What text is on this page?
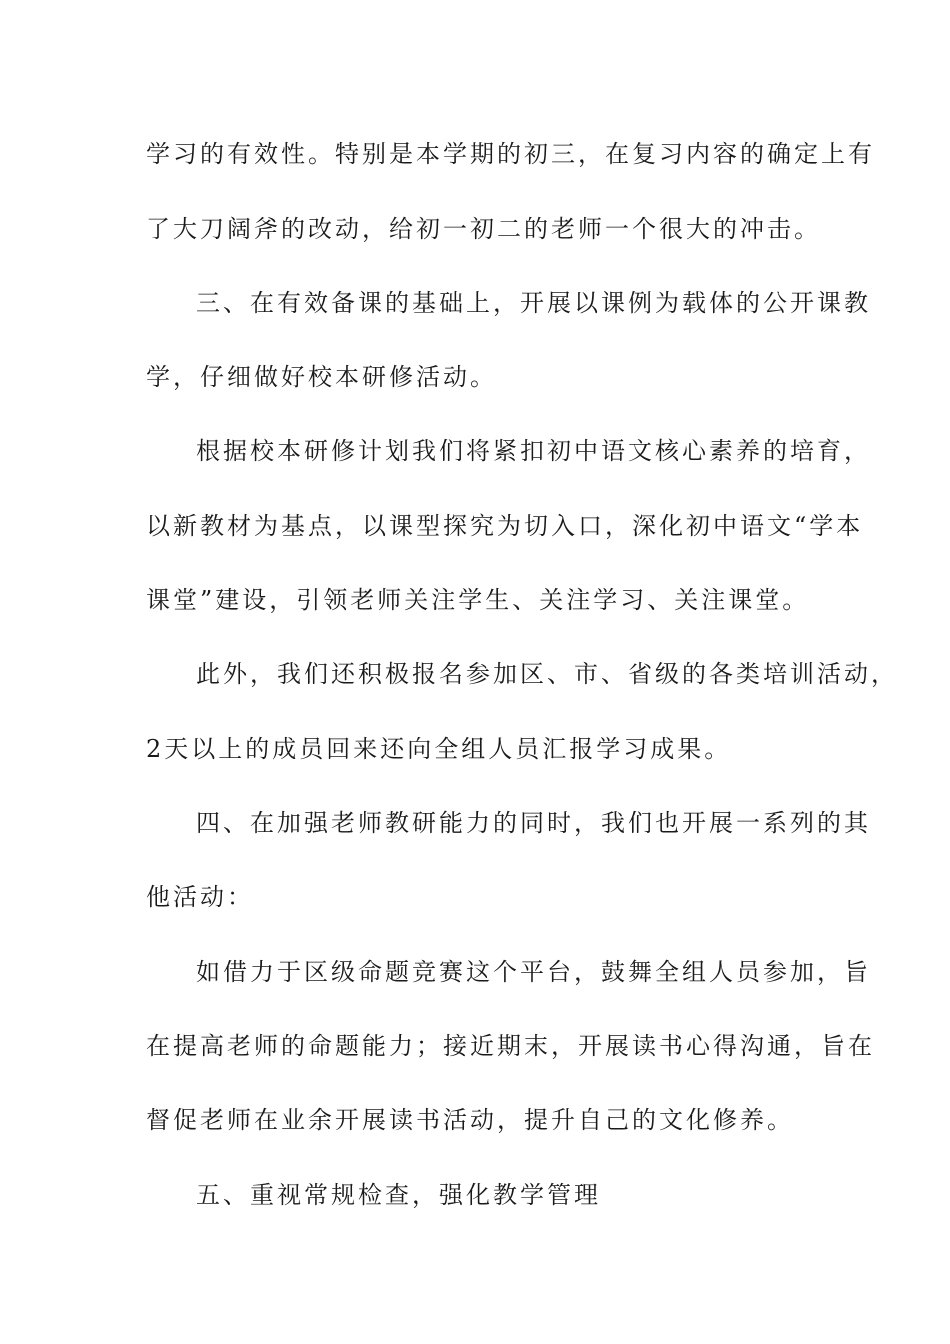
学习的有效性。特别是本学期的初三，在复习内容的确定上有
了大刀阔斧的改动，给初一初二的老师一个很大的冲击。
三、在有效备课的基础上，开展以课例为载体的公开课教
学，仔细做好校本研修活动。
根据校本研修计划我们将紧扣初中语文核心素养的培育，
以新教材为基点，以课型探究为切入口，深化初中语文“学本
课堂”建设，引领老师关注学生、关注学习、关注课堂。
此外，我们还积极报名参加区、市、省级的各类培训活动，
2天以上的成员回来还向全组人员汇报学习成果。
四、在加强老师教研能力的同时，我们也开展一系列的其
他活动：
如借力于区级命题竞赛这个平台，鼓舞全组人员参加，旨
在提高老师的命题能力；接近期末，开展读书心得沟通，旨在
督促老师在业余开展读书活动，提升自己的文化修养。
五、重视常规检查，强化教学管理
